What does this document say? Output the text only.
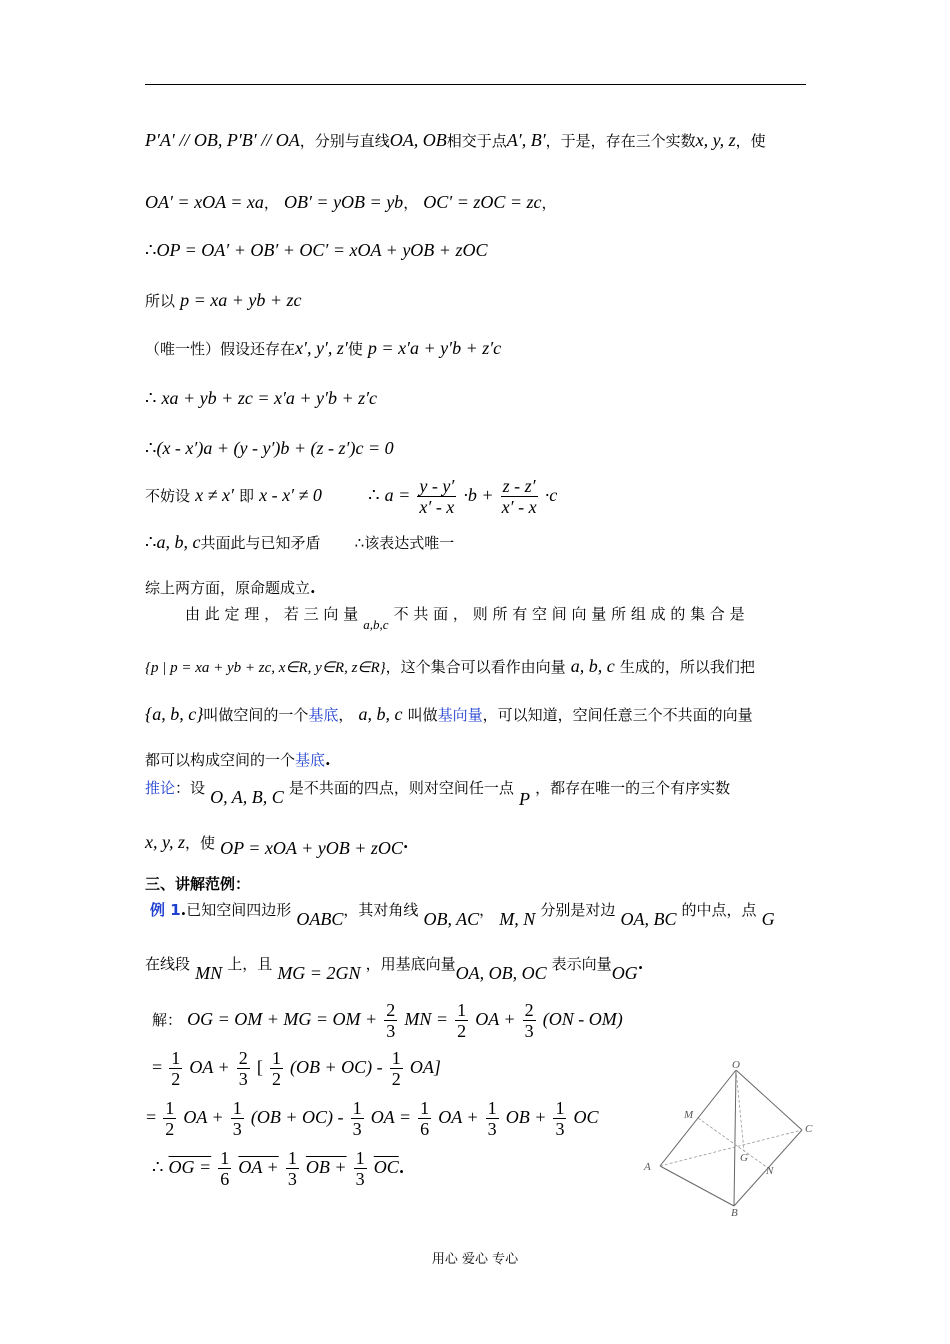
P′A′ // OB, P′B′ // OA，分别与直线OA, OB相交于点A′, B′，于是，存在三个实数x, y, z，使
OA′ = xOA = xa， OB′ = yOB = yb， OC′ = zOC = zc，
∴OP = OA′ + OB′ + OC′ = xOA + yOB + zOC
所以 p = xa + yb + zc
（唯一性）假设还存在x′, y′, z′使 p = x′a + y′b + z′c
∴ xa + yb + zc = x′a + y′b + z′c
∴(x - x′)a + (y - y′)b + (z - z′)c = 0
不妨设 x ≠ x′ 即 x - x′ ≠ 0	∴ $a = \frac{y - y'}{x' - x} \cdot b + \frac{z - z'}{x' - x} \cdot c$
∴a, b, c共面此与已知矛盾 ∴该表达式唯一
综上两方面，原命题成立.
由 此 定 理 ， 若 三 向 量 $_{a,b,c}$ 不 共 面 ， 则 所 有 空 间 向 量 所 组 成 的 集 合 是
{p | p = xa + yb + zc, x∈R, y∈R, z∈R}，这个集合可以看作由向量 a, b, c 生成的，所以我们把
{a, b, c}叫做空间的一个基底， a, b, c 叫做基向量，可以知道，空间任意三个不共面的向量
都可以构成空间的一个基底.
推论：设 O, A, B, C 是不共面的四点，则对空间任一点 P ，都存在唯一的三个有序实数
x, y, z，使 OP = xOA + yOB + zOC.
三、讲解范例：
例 1.已知空间四边形 OABC，其对角线 OB, AC， M, N 分别是对边 OA, BC 的中点，点 G
在线段 MN 上，且 MG = 2GN ，用基底向量OA, OB, OC 表示向量OG.
解： OG = OM + MG = OM + $\frac{2}{3}$ MN = $\frac{1}{2}$ OA + $\frac{2}{3} (ON - OM)$
= $\frac{1}{2}$ OA + $\frac{2}{3}$ [ $\frac{1}{2} (OB + OC) - \frac{1}{2} OA$]
= $\frac{1}{2}$ OA + $\frac{1}{3} (OB + OC) - \frac{1}{3}$ OA = $\frac{1}{6}$ OA + $\frac{1}{3}$ OB + $\frac{1}{3}$ OC
∴ OG = $\frac{1}{6}$ OA + $\frac{1}{3}$ OB + $\frac{1}{3} \overline{OC}$.
O
M
C
G
A	N
B
用心 爱心 专心
